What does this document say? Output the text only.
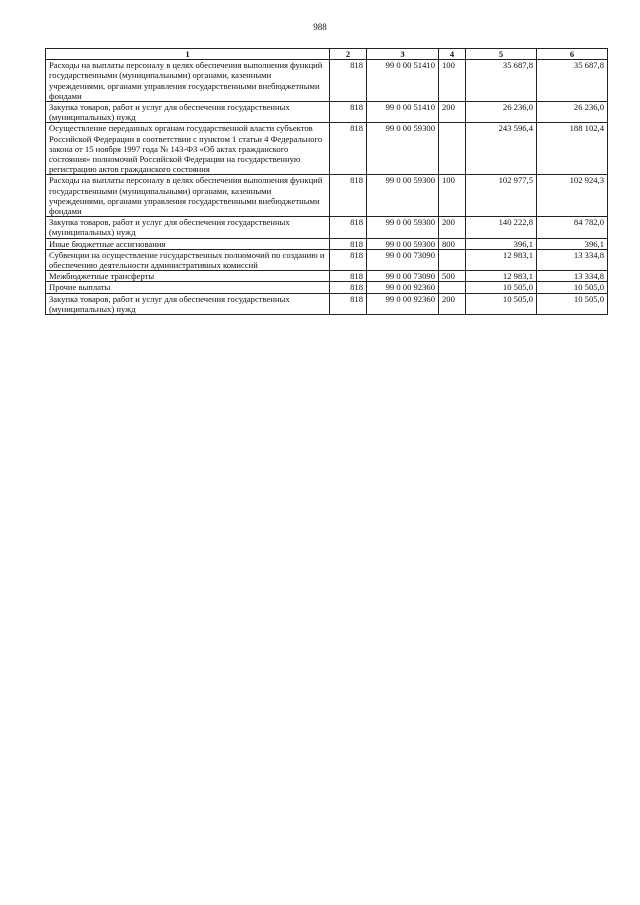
988
1	2	3	4	5	6
Расходы на выплаты персоналу в целях обеспечения выполнения функций государственными (муниципальными) органами, казенными учреждениями, органами управления государственными внебюджетными фондами	818	99 0 00 51410	100	35 687,8	35 687,8
Закупка товаров, работ и услуг для обеспечения государственных (муниципальных) нужд	818	99 0 00 51410	200	26 236,0	26 236,0
Осуществление переданных органам государственной власти субъектов Российской Федерации в соответствии с пунктом 1 статьи 4 Федерального закона от 15 ноября 1997 года № 143-ФЗ «Об актах гражданского состояния» полномочий Российской Федерации на государственную регистрацию актов гражданского состояния	818	99 0 00 59300		243 596,4	188 102,4
Расходы на выплаты персоналу в целях обеспечения выполнения функций государственными (муниципальными) органами, казенными учреждениями, органами управления государственными внебюджетными фондами	818	99 0 00 59300	100	102 977,5	102 924,3
Закупка товаров, работ и услуг для обеспечения государственных (муниципальных) нужд	818	99 0 00 59300	200	140 222,8	84 782,0
Иные бюджетные ассигнования	818	99 0 00 59300	800	396,1	396,1
Субвенции на осуществление государственных полномочий по созданию и обеспечению деятельности административных комиссий	818	99 0 00 73090		12 983,1	13 334,8
Межбюджетные трансферты	818	99 0 00 73090	500	12 983,1	13 334,8
Прочие выплаты	818	99 0 00 92360		10 505,0	10 505,0
Закупка товаров, работ и услуг для обеспечения государственных (муниципальных) нужд	818	99 0 00 92360	200	10 505,0	10 505,0
